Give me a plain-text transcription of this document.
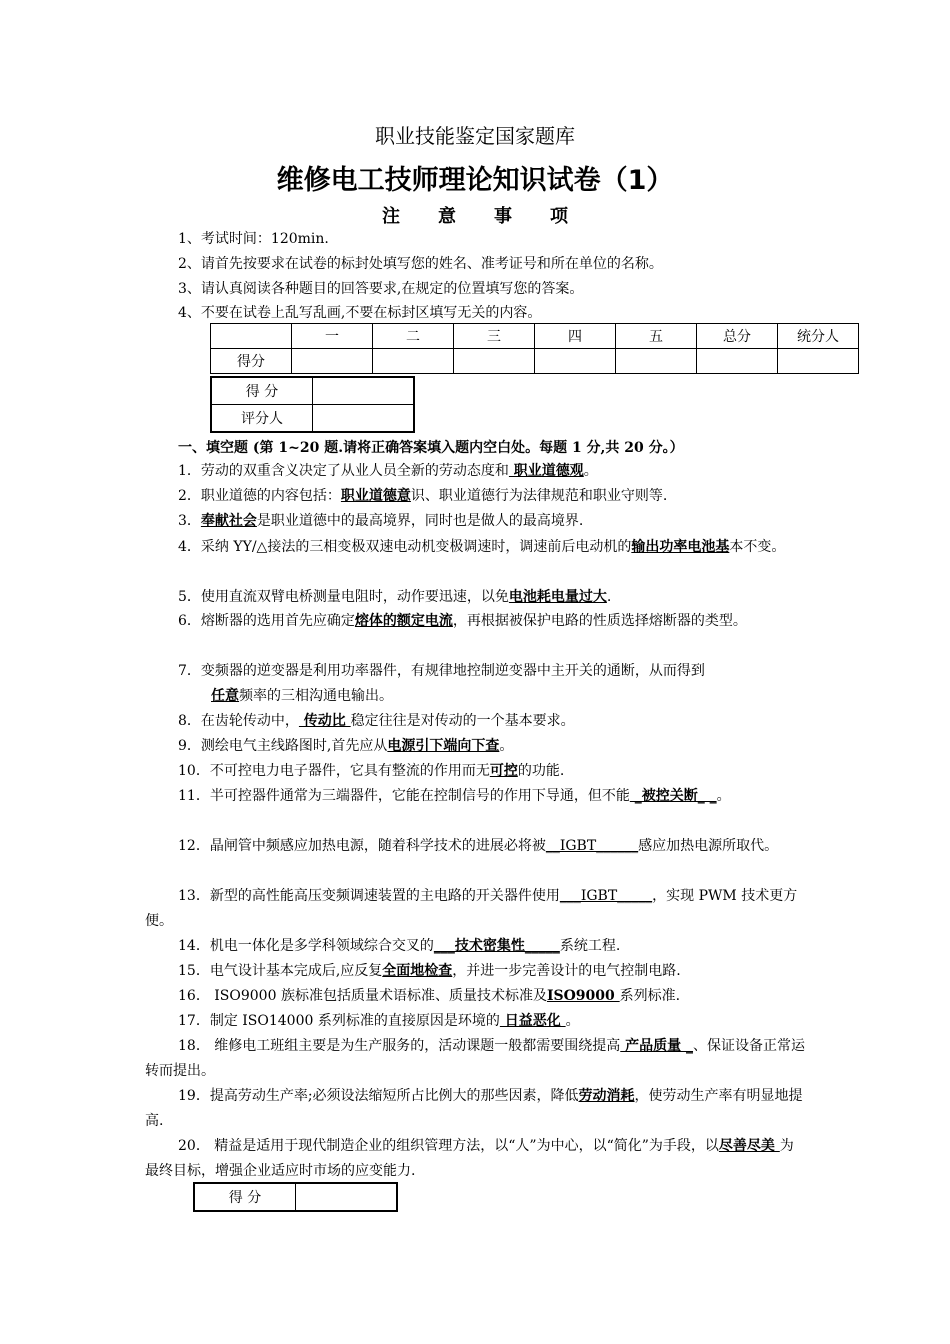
职业技能鉴定国家题库
维修电工技师理论知识试卷（1）
注意事项
1、考试时间：120min.
2、请首先按要求在试卷的标封处填写您的姓名、准考证号和所在单位的名称。
3、请认真阅读各种题目的回答要求,在规定的位置填写您的答案。
4、不要在试卷上乱写乱画,不要在标封区填写无关的内容。
	一	二	三	四	五	总分	统分人
得分							
得 分	
评分人	
一、填空题 (第 1~20 题.请将正确答案填入题内空白处。每题 1 分,共 20 分。）
1．劳动的双重含义决定了从业人员全新的劳动态度和 职业道德观。
2．职业道德的内容包括：职业道德意识、职业道德行为法律规范和职业守则等.
3．奉献社会是职业道德中的最高境界，同时也是做人的最高境界.
4．采纳 YY/△接法的三相变极双速电动机变极调速时，调速前后电动机的输出功率电池基本不变。
5．使用直流双臂电桥测量电阻时，动作要迅速，以免电池耗电量过大.
6．熔断器的选用首先应确定熔体的额定电流，再根据被保护电路的性质选择熔断器的类型。
7．变频器的逆变器是利用功率器件，有规律地控制逆变器中主开关的通断，从而得到
任意频率的三相沟通电输出。
8．在齿轮传动中， 传动比 稳定往往是对传动的一个基本要求。
9．测绘电气主线路图时,首先应从电源引下端向下查。
10．不可控电力电子器件，它具有整流的作用而无可控的功能.
11．半可控器件通常为三端器件，它能在控制信号的作用下导通，但不能 _被控关断_ _。
12．晶闸管中频感应加热电源，随着科学技术的进展必将被__IGBT______感应加热电源所取代。
13．新型的高性能高压变频调速装置的主电路的开关器件使用___IGBT_____，实现 PWM 技术更方便。
14．机电一体化是多学科领域综合交叉的___技术密集性_____系统工程.
15．电气设计基本完成后,应反复全面地检查，并进一步完善设计的电气控制电路.
16． ISO9000 族标准包括质量术语标准、质量技术标准及ISO9000 系列标准.
17．制定 ISO14000 系列标准的直接原因是环境的 日益恶化 。
18． 维修电工班组主要是为生产服务的，活动课题一般都需要围绕提高 产品质量 _、保证设备正常运转而提出。
19．提高劳动生产率;必须设法缩短所占比例大的那些因素，降低劳动消耗，使劳动生产率有明显地提高.
20． 精益是适用于现代制造企业的组织管理方法，以“人”为中心，以“简化”为手段，以尽善尽美 为最终目标，增强企业适应时市场的应变能力.
得 分	
